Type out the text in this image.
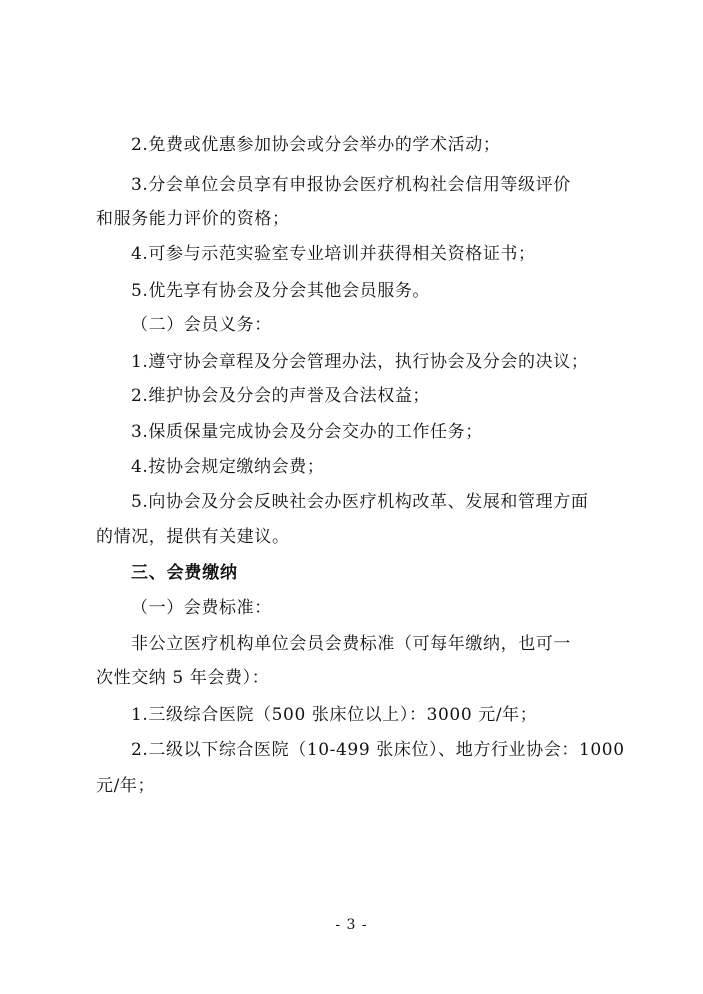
2.免费或优惠参加协会或分会举办的学术活动；
3.分会单位会员享有申报协会医疗机构社会信用等级评价
和服务能力评价的资格；
4.可参与示范实验室专业培训并获得相关资格证书；
5.优先享有协会及分会其他会员服务。
（二）会员义务：
1.遵守协会章程及分会管理办法，执行协会及分会的决议；
2.维护协会及分会的声誉及合法权益；
3.保质保量完成协会及分会交办的工作任务；
4.按协会规定缴纳会费；
5.向协会及分会反映社会办医疗机构改革、发展和管理方面
的情况，提供有关建议。
三、会费缴纳
（一）会费标准：
非公立医疗机构单位会员会费标准（可每年缴纳，也可一
次性交纳 5 年会费）：
1.三级综合医院（500 张床位以上）：3000 元/年；
2.二级以下综合医院（10-499 张床位）、地方行业协会：1000
元/年；
- 3 -
